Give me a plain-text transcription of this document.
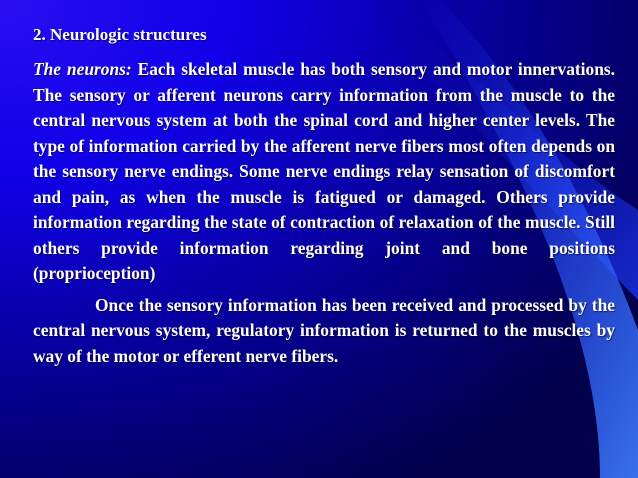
2. Neurologic structures

The neurons: Each skeletal muscle has both sensory and motor innervations. The sensory or afferent neurons carry information from the muscle to the central nervous system at both the spinal cord and higher center levels. The type of information carried by the afferent nerve fibers most often depends on the sensory nerve endings. Some nerve endings relay sensation of discomfort and pain, as when the muscle is fatigued or damaged. Others provide information regarding the state of contraction of relaxation of the muscle. Still others provide information regarding joint and bone positions (proprioception)

Once the sensory information has been received and processed by the central nervous system, regulatory information is returned to the muscles by way of the motor or efferent nerve fibers.
